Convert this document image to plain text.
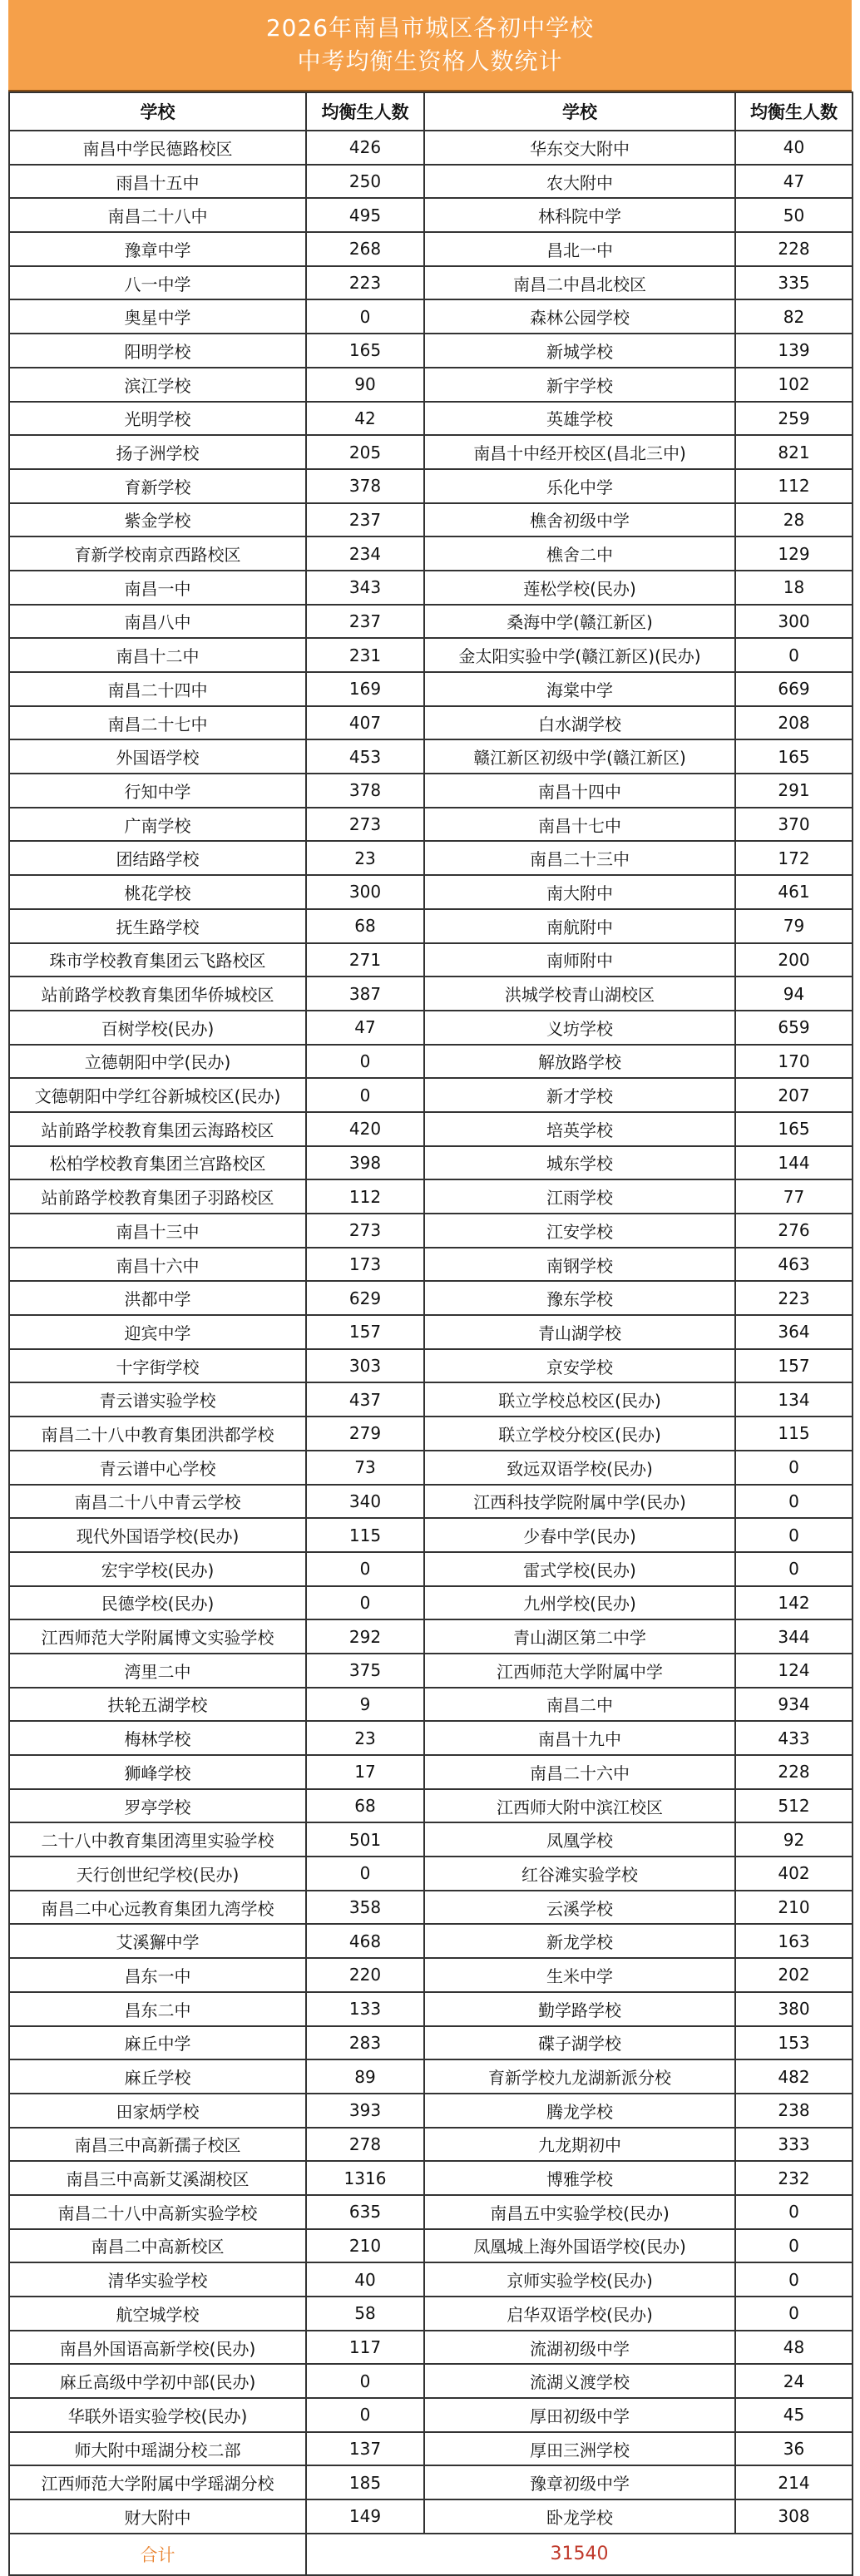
2026年南昌市城区各初中学校
中考均衡生资格人数统计
学校	均衡生人数	学校	均衡生人数
南昌中学民德路校区	426	华东交大附中	40
雨昌十五中	250	农大附中	47
南昌二十八中	495	林科院中学	50
豫章中学	268	昌北一中	228
八一中学	223	南昌二中昌北校区	335
奥星中学	0	森林公园学校	82
阳明学校	165	新城学校	139
滨江学校	90	新宇学校	102
光明学校	42	英雄学校	259
扬子洲学校	205	南昌十中经开校区(昌北三中)	821
育新学校	378	乐化中学	112
紫金学校	237	樵舍初级中学	28
育新学校南京西路校区	234	樵舍二中	129
南昌一中	343	莲松学校(民办)	18
南昌八中	237	桑海中学(赣江新区)	300
南昌十二中	231	金太阳实验中学(赣江新区)(民办)	0
南昌二十四中	169	海棠中学	669
南昌二十七中	407	白水湖学校	208
外国语学校	453	赣江新区初级中学(赣江新区)	165
行知中学	378	南昌十四中	291
广南学校	273	南昌十七中	370
团结路学校	23	南昌二十三中	172
桃花学校	300	南大附中	461
抚生路学校	68	南航附中	79
珠市学校教育集团云飞路校区	271	南师附中	200
站前路学校教育集团华侨城校区	387	洪城学校青山湖校区	94
百树学校(民办)	47	义坊学校	659
立德朝阳中学(民办)	0	解放路学校	170
文德朝阳中学红谷新城校区(民办)	0	新才学校	207
站前路学校教育集团云海路校区	420	培英学校	165
松柏学校教育集团兰宫路校区	398	城东学校	144
站前路学校教育集团子羽路校区	112	江雨学校	77
南昌十三中	273	江安学校	276
南昌十六中	173	南钢学校	463
洪都中学	629	豫东学校	223
迎宾中学	157	青山湖学校	364
十字街学校	303	京安学校	157
青云谱实验学校	437	联立学校总校区(民办)	134
南昌二十八中教育集团洪都学校	279	联立学校分校区(民办)	115
青云谱中心学校	73	致远双语学校(民办)	0
南昌二十八中青云学校	340	江西科技学院附属中学(民办)	0
现代外国语学校(民办)	115	少春中学(民办)	0
宏宇学校(民办)	0	雷式学校(民办)	0
民德学校(民办)	0	九州学校(民办)	142
江西师范大学附属博文实验学校	292	青山湖区第二中学	344
湾里二中	375	江西师范大学附属中学	124
扶轮五湖学校	9	南昌二中	934
梅林学校	23	南昌十九中	433
狮峰学校	17	南昌二十六中	228
罗亭学校	68	江西师大附中滨江校区	512
二十八中教育集团湾里实验学校	501	凤凰学校	92
天行创世纪学校(民办)	0	红谷滩实验学校	402
南昌二中心远教育集团九湾学校	358	云溪学校	210
艾溪獬中学	468	新龙学校	163
昌东一中	220	生米中学	202
昌东二中	133	勤学路学校	380
麻丘中学	283	碟子湖学校	153
麻丘学校	89	育新学校九龙湖新派分校	482
田家炳学校	393	腾龙学校	238
南昌三中高新孺子校区	278	九龙期初中	333
南昌三中高新艾溪湖校区	1316	博雅学校	232
南昌二十八中高新实验学校	635	南昌五中实验学校(民办)	0
南昌二中高新校区	210	凤凰城上海外国语学校(民办)	0
清华实验学校	40	京师实验学校(民办)	0
航空城学校	58	启华双语学校(民办)	0
南昌外国语高新学校(民办)	117	流湖初级中学	48
麻丘高级中学初中部(民办)	0	流湖义渡学校	24
华联外语实验学校(民办)	0	厚田初级中学	45
师大附中瑶湖分校二部	137	厚田三洲学校	36
江西师范大学附属中学瑶湖分校	185	豫章初级中学	214
财大附中	149	卧龙学校	308
合计	31540		
